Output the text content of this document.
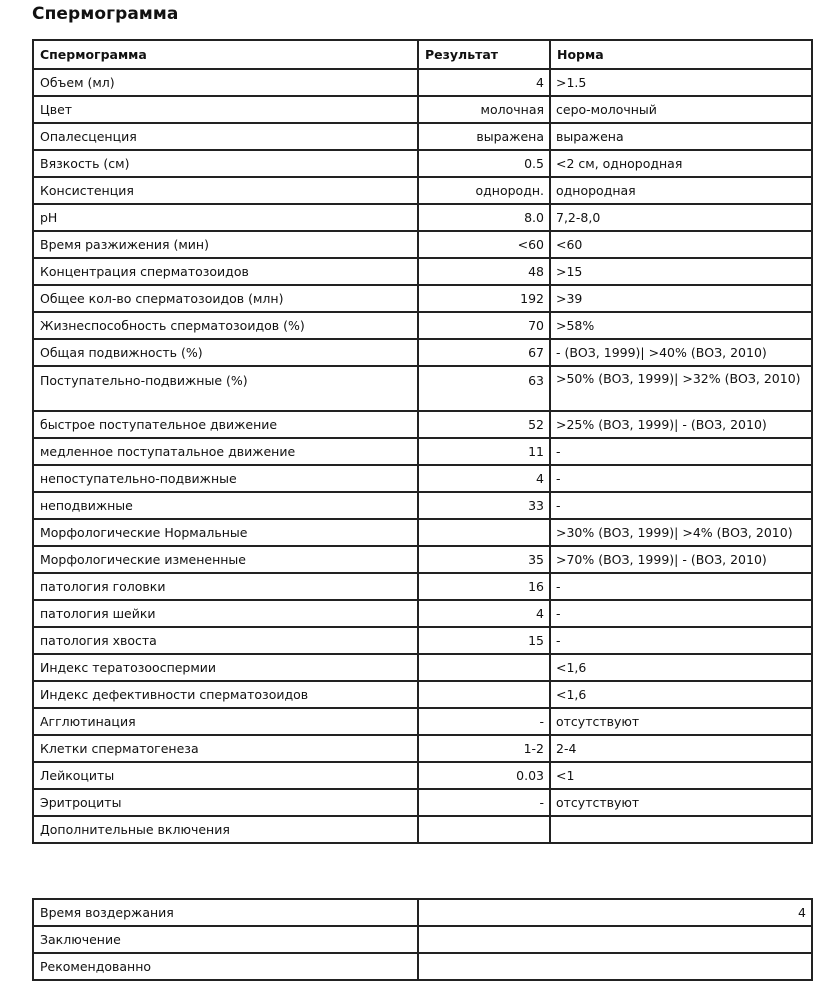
Спермограмма
Спермограмма	Результат	Норма
Объем (мл)	4	>1.5
Цвет	молочная	серо-молочный
Опалесценция	выражена	выражена
Вязкость (см)	0.5	<2 см, однородная
Консистенция	однородн.	однородная
pH	8.0	7,2-8,0
Время разжижения (мин)	<60	<60
Концентрация сперматозоидов	48	>15
Общее кол-во сперматозоидов (млн)	192	>39
Жизнеспособность сперматозоидов (%)	70	>58%
Общая подвижность (%)	67	- (ВОЗ, 1999)| >40% (ВОЗ, 2010)
Поступательно-подвижные (%)	63	>50% (ВОЗ, 1999)| >32% (ВОЗ, 2010)
быстрое поступательное движение	52	>25% (ВОЗ, 1999)| - (ВОЗ, 2010)
медленное поступатальное движение	11	-
непоступательно-подвижные	4	-
неподвижные	33	-
Морфологические Нормальные		>30% (ВОЗ, 1999)| >4% (ВОЗ, 2010)
Морфологические измененные	35	>70% (ВОЗ, 1999)| - (ВОЗ, 2010)
патология головки	16	-
патология шейки	4	-
патология хвоста	15	-
Индекс тератозооспермии		<1,6
Индекс дефективности сперматозоидов		<1,6
Агглютинация	-	отсутствуют
Клетки сперматогенеза	1-2	2-4
Лейкоциты	0.03	<1
Эритроциты	-	отсутствуют
Дополнительные включения		
Время воздержания	4
Заключение	
Рекомендованно	
